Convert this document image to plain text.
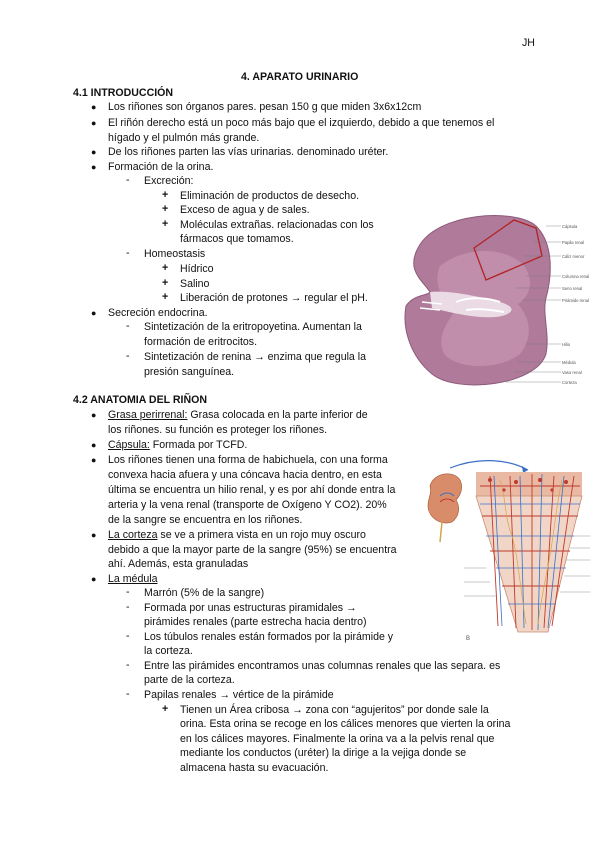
JH
4. APARATO URINARIO
4.1 INTRODUCCIÓN
● Los riñones son órganos pares. pesan 150 g que miden 3x6x12cm
● El riñón derecho está un poco más bajo que el izquierdo, debido a que tenemos el
hígado y el pulmón más grande.
● De los riñones parten las vías urinarias. denominado uréter.
● Formación de la orina.
- Excreción:
+ Eliminación de productos de desecho.
+ Exceso de agua y de sales.
+ Moléculas extrañas. relacionadas con los
fármacos que tomamos.
- Homeostasis
+ Hídrico
+ Salino
+ Liberación de protones → regular el pH.
● Secreción endocrina.
- Sintetización de la eritropoyetina. Aumentan la
formación de eritrocitos.
- Sintetización de renina → enzima que regula la
presión sanguínea.
Cápsula
Papila renal
Cáliz menor
Columna renal
Seno renal
Pirámide renal
Hilio
Médula
Vaso renal
Corteza
4.2 ANATOMIA DEL RIÑON
● Grasa perirrenal: Grasa colocada en la parte inferior de
los riñones. su función es proteger los riñones.
● Cápsula: Formada por TCFD.
● Los riñones tienen una forma de habichuela, con una forma
convexa hacia afuera y una cóncava hacia dentro, en esta
última se encuentra un hilio renal, y es por ahí donde entra la
arteria y la vena renal (transporte de Oxígeno Y CO2). 20%
de la sangre se encuentra en los riñones.
● La corteza se ve a primera vista en un rojo muy oscuro
debido a que la mayor parte de la sangre (95%) se encuentra
ahí. Además, esta granuladas
● La médula
- Marrón (5% de la sangre)
- Formada por unas estructuras piramidales →
pirámides renales (parte estrecha hacia dentro)
- Los túbulos renales están formados por la pirámide y
la corteza.
- Entre las pirámides encontramos unas columnas renales que las separa. es
parte de la corteza.
- Papilas renales → vértice de la pirámide
+ Tienen un Área cribosa → zona con “agujeritos” por donde sale la
orina. Esta orina se recoge en los cálices menores que vierten la orina
en los cálices mayores. Finalmente la orina va a la pelvis renal que
mediante los conductos (uréter) la dirige a la vejiga donde se
almacena hasta su evacuación.
B
